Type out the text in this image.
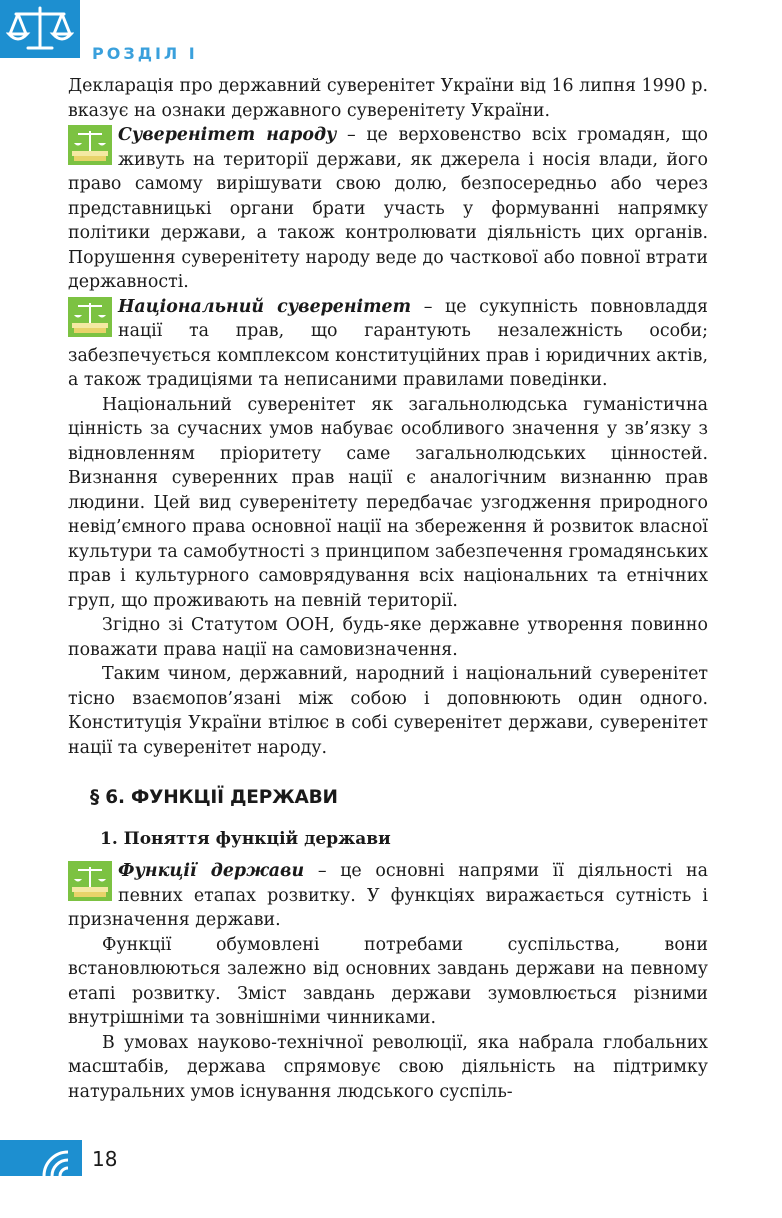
РОЗДІЛ І

Декларація про державний суверенітет України від 16 липня 1990 р. вказує на ознаки державного суверенітету України.

Суверенітет народу – це верховенство всіх громадян, що живуть на території держави, як джерела і носія влади, його право самому вирішувати свою долю, безпосередньо або через представницькі органи брати участь у формуванні напрямку політики держави, а також контролювати діяльність цих органів. Порушення суверенітету народу веде до часткової або повної втрати державності.

Національний суверенітет – це сукупність повновладдя нації та прав, що гарантують незалежність особи; забезпечується комплексом конституційних прав і юридичних актів, а також традиціями та неписаними правилами поведінки.

Національний суверенітет як загальнолюдська гуманістична цінність за сучасних умов набуває особливого значення у зв’язку з відновленням пріоритету саме загальнолюдських цінностей. Визнання суверенних прав нації є аналогічним визнанню прав людини. Цей вид суверенітету передбачає узгодження природного невід’ємного права основної нації на збереження й розвиток власної культури та самобутності з принципом забезпечення громадянських прав і культурного самоврядування всіх національних та етнічних груп, що проживають на певній території.

Згідно зі Статутом ООН, будь-яке державне утворення повинно поважати права нації на самовизначення.

Таким чином, державний, народний і національний суверенітет тісно взаємопов’язані між собою і доповнюють один одного. Конституція України втілює в собі суверенітет держави, суверенітет нації та суверенітет народу.

§ 6. ФУНКЦІЇ ДЕРЖАВИ
1. Поняття функцій держави

Функції держави – це основні напрями її діяльності на певних етапах розвитку. У функціях виражається сутність і призначення держави.

Функції обумовлені потребами суспільства, вони встановлюються залежно від основних завдань держави на певному етапі розвитку. Зміст завдань держави зумовлюється різними внутрішніми та зовнішніми чинниками.

В умовах науково-технічної революції, яка набрала глобальних масштабів, держава спрямовує свою діяльність на підтримку натуральних умов існування людського суспіль-

18
